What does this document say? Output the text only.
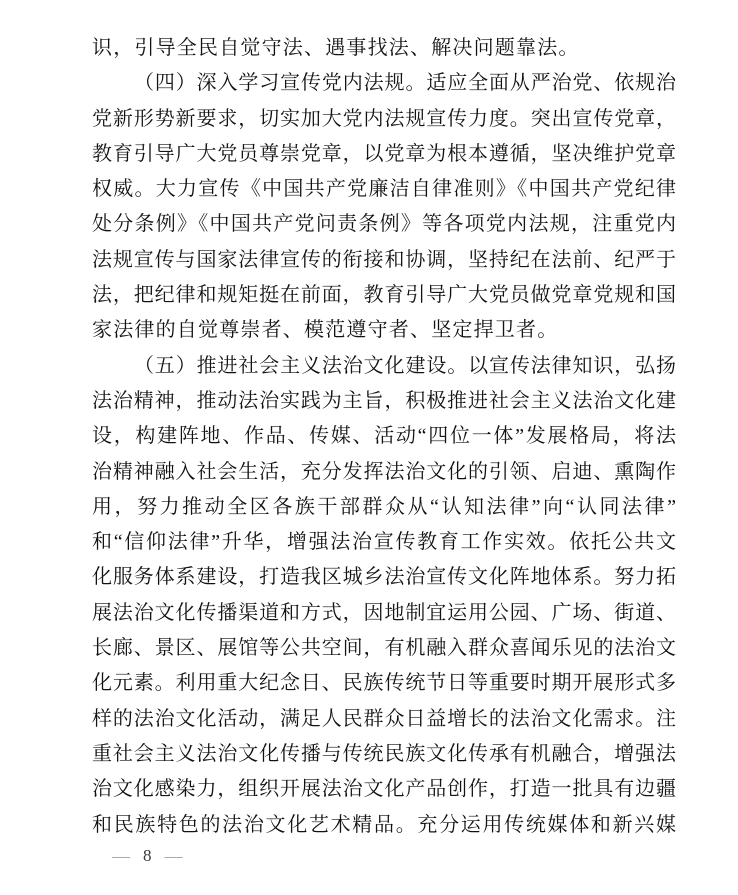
识，引导全民自觉守法、遇事找法、解决问题靠法。
（四）深入学习宣传党内法规。适应全面从严治党、依规治
党新形势新要求，切实加大党内法规宣传力度。突出宣传党章，
教育引导广大党员尊崇党章，以党章为根本遵循，坚决维护党章
权威。大力宣传《中国共产党廉洁自律准则》《中国共产党纪律
处分条例》《中国共产党问责条例》等各项党内法规，注重党内
法规宣传与国家法律宣传的衔接和协调，坚持纪在法前、纪严于
法，把纪律和规矩挺在前面，教育引导广大党员做党章党规和国
家法律的自觉尊崇者、模范遵守者、坚定捍卫者。
（五）推进社会主义法治文化建设。以宣传法律知识，弘扬
法治精神，推动法治实践为主旨，积极推进社会主义法治文化建
设，构建阵地、作品、传媒、活动“四位一体”发展格局，将法
治精神融入社会生活，充分发挥法治文化的引领、启迪、熏陶作
用，努力推动全区各族干部群众从“认知法律”向“认同法律”
和“信仰法律”升华，增强法治宣传教育工作实效。依托公共文
化服务体系建设，打造我区城乡法治宣传文化阵地体系。努力拓
展法治文化传播渠道和方式，因地制宜运用公园、广场、街道、
长廊、景区、展馆等公共空间，有机融入群众喜闻乐见的法治文
化元素。利用重大纪念日、民族传统节日等重要时期开展形式多
样的法治文化活动，满足人民群众日益增长的法治文化需求。注
重社会主义法治文化传播与传统民族文化传承有机融合，增强法
治文化感染力，组织开展法治文化产品创作，打造一批具有边疆
和民族特色的法治文化艺术精品。充分运用传统媒体和新兴媒
— 8 —
